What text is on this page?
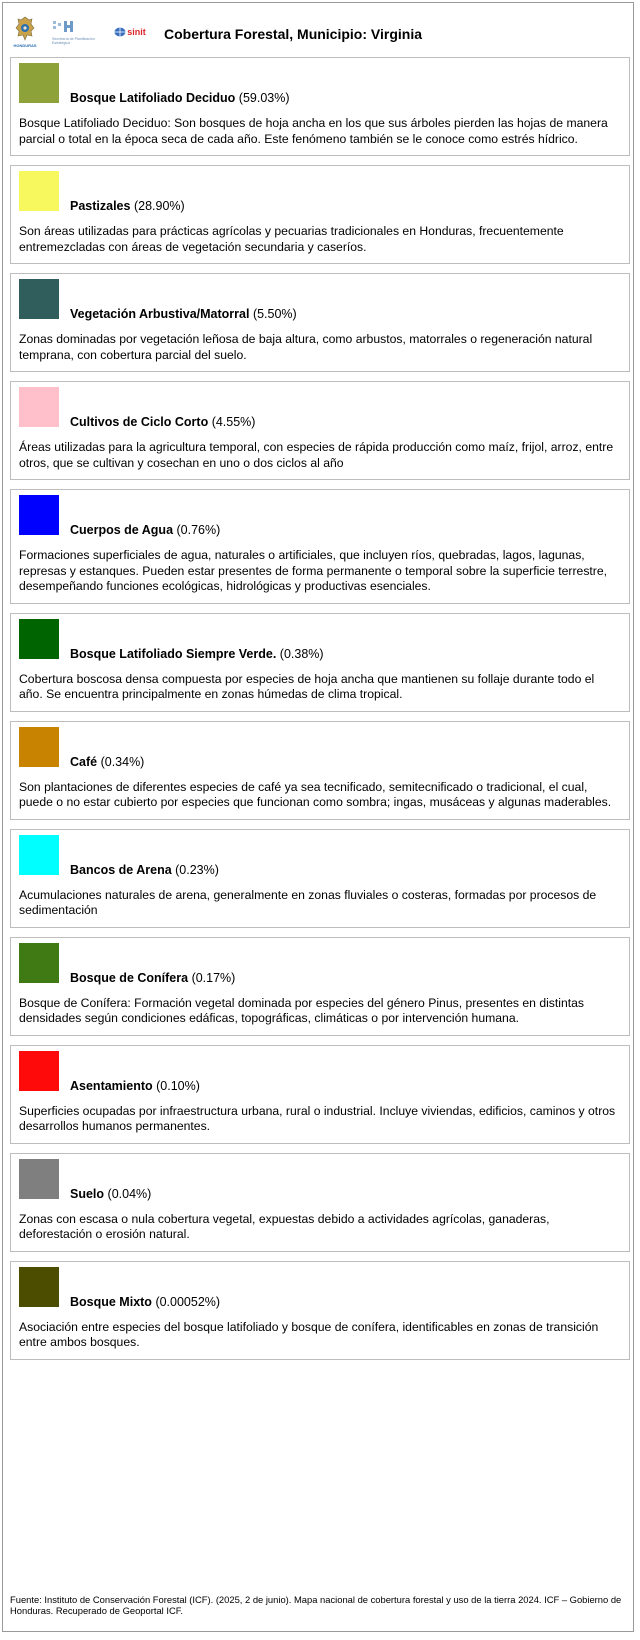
HONDURAS
Secretaría de Planificación Estratégica
sinit Cobertura Forestal, Municipio: Virginia
Bosque Latifoliado Deciduo (59.03%)
Bosque Latifoliado Deciduo: Son bosques de hoja ancha en los que sus árboles pierden las hojas de manera parcial o total en la época seca de cada año. Este fenómeno también se le conoce como estrés hídrico.
Pastizales (28.90%)
Son áreas utilizadas para prácticas agrícolas y pecuarias tradicionales en Honduras, frecuentemente entremezcladas con áreas de vegetación secundaria y caseríos.
Vegetación Arbustiva/Matorral (5.50%)
Zonas dominadas por vegetación leñosa de baja altura, como arbustos, matorrales o regeneración natural temprana, con cobertura parcial del suelo.
Cultivos de Ciclo Corto (4.55%)
Áreas utilizadas para la agricultura temporal, con especies de rápida producción como maíz, frijol, arroz, entre otros, que se cultivan y cosechan en uno o dos ciclos al año
Cuerpos de Agua (0.76%)
Formaciones superficiales de agua, naturales o artificiales, que incluyen ríos, quebradas, lagos, lagunas, represas y estanques. Pueden estar presentes de forma permanente o temporal sobre la superficie terrestre, desempeñando funciones ecológicas, hidrológicas y productivas esenciales.
Bosque Latifoliado Siempre Verde. (0.38%)
Cobertura boscosa densa compuesta por especies de hoja ancha que mantienen su follaje durante todo el año. Se encuentra principalmente en zonas húmedas de clima tropical.
Café (0.34%)
Son plantaciones de diferentes especies de café ya sea tecnificado, semitecnificado o tradicional, el cual, puede o no estar cubierto por especies que funcionan como sombra; ingas, musáceas y algunas maderables.
Bancos de Arena (0.23%)
Acumulaciones naturales de arena, generalmente en zonas fluviales o costeras, formadas por procesos de sedimentación
Bosque de Conífera (0.17%)
Bosque de Conífera: Formación vegetal dominada por especies del género Pinus, presentes en distintas densidades según condiciones edáficas, topográficas, climáticas o por intervención humana.
Asentamiento (0.10%)
Superficies ocupadas por infraestructura urbana, rural o industrial. Incluye viviendas, edificios, caminos y otros desarrollos humanos permanentes.
Suelo (0.04%)
Zonas con escasa o nula cobertura vegetal, expuestas debido a actividades agrícolas, ganaderas, deforestación o erosión natural.
Bosque Mixto (0.00052%)
Asociación entre especies del bosque latifoliado y bosque de conífera, identificables en zonas de transición entre ambos bosques.
Fuente: Instituto de Conservación Forestal (ICF). (2025, 2 de junio). Mapa nacional de cobertura forestal y uso de la tierra 2024. ICF – Gobierno de Honduras. Recuperado de Geoportal ICF.
